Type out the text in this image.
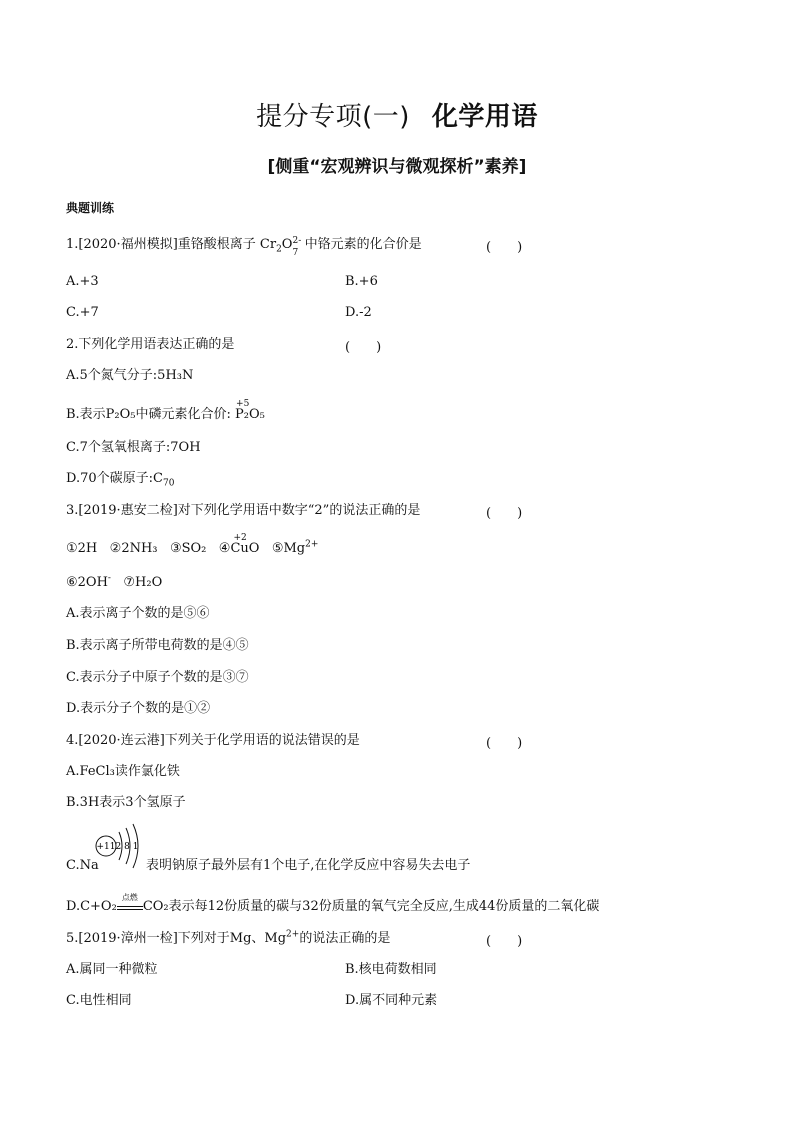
提分专项(一) 化学用语
[侧重“宏观辨识与微观探析”素养]
典题训练
1.[2020·福州模拟]重铬酸根离子 $Cr_2O$ 2-
7
中铬元素的化合价是	(　　)
A.+3	B.+6
C.+7	D.-2
2.下列化学用语表达正确的是	(　　)
A.5个氮气分子:5H₃N
B.表示P₂O₅中磷元素化合价:
+5
P₂O₅
C.7个氢氧根离子:7OH
D.70个碳原子$:C_{70}$
3.[2019·惠安二检]对下列化学用语中数字“2”的说法正确的是	(　　)
①2H ②2NH₃ ③SO₂ ④
+2
CuO $⑤Mg^{2+}$
⑥2OH- ⑦H₂O
A.表示离子个数的是⑤⑥
B.表示离子所带电荷数的是④⑤
C.表示分子中原子个数的是③⑦
D.表示分子个数的是①②
4.[2020·连云港]下列关于化学用语的说法错误的是	(　　)
A.FeCl₃读作氯化铁
B.3H表示3个氢原子
C.Na
+11 2 8 1
表明钠原子最外层有1个电子,在化学反应中容易失去电子
D.C+O₂
点燃
CO₂表示每12份质量的碳与32份质量的氧气完全反应,生成44份质量的二氧化碳
5.[2019·漳州一检]下列对于Mg、$Mg^{2+}$的说法正确的是	(　　)
A.属同一种微粒	B.核电荷数相同
C.电性相同	D.属不同种元素
